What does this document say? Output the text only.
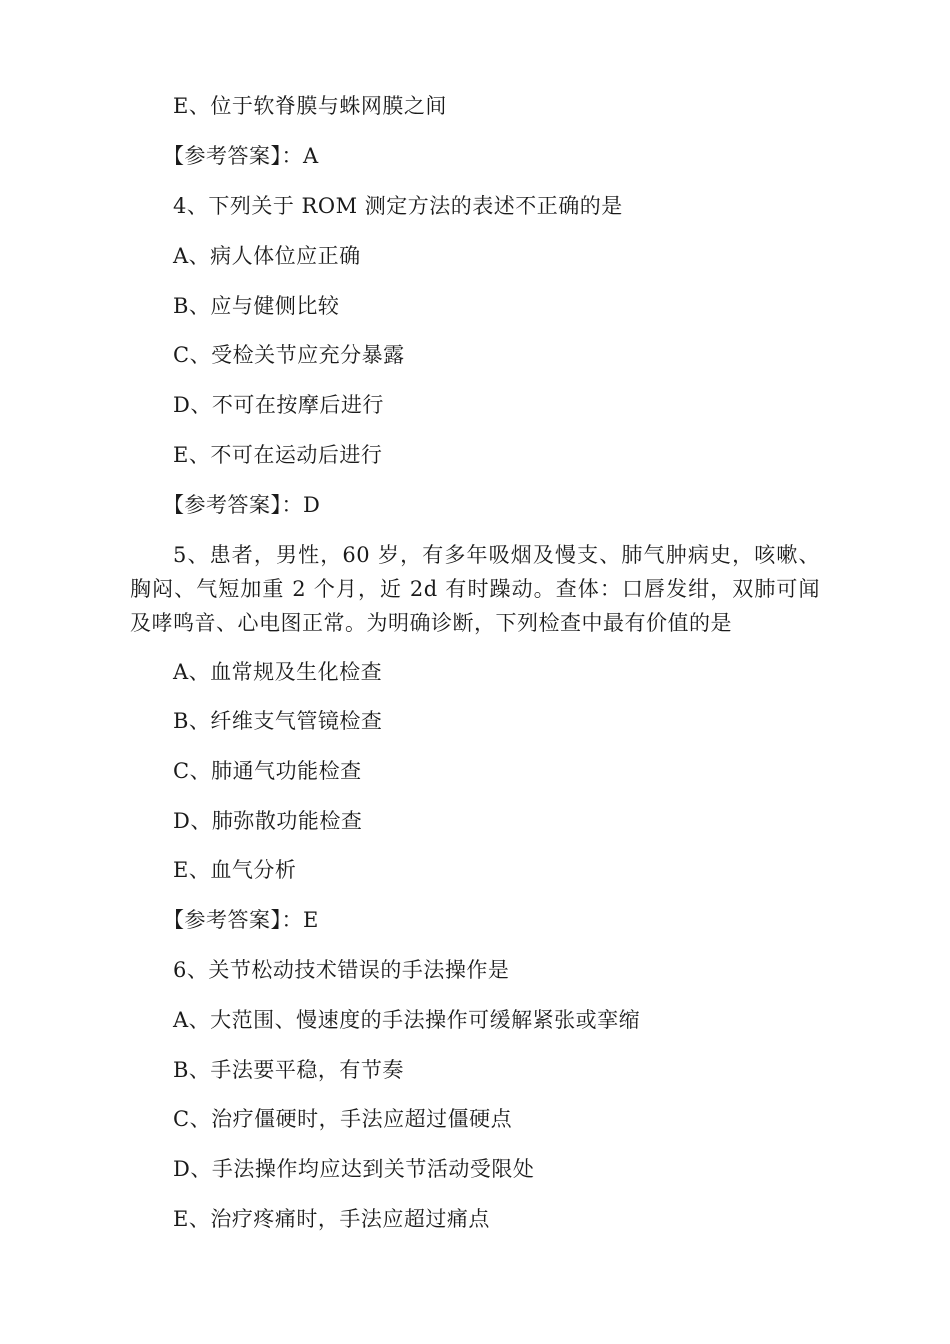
E、位于软脊膜与蛛网膜之间
【参考答案】：A
4、下列关于 ROM 测定方法的表述不正确的是
A、病人体位应正确
B、应与健侧比较
C、受检关节应充分暴露
D、不可在按摩后进行
E、不可在运动后进行
【参考答案】：D
5、患者，男性，60 岁，有多年吸烟及慢支、肺气肿病史，咳嗽、胸闷、气短加重 2 个月，近 2d 有时躁动。查体：口唇发绀，双肺可闻及哮鸣音、心电图正常。为明确诊断，下列检查中最有价值的是
A、血常规及生化检查
B、纤维支气管镜检查
C、肺通气功能检查
D、肺弥散功能检查
E、血气分析
【参考答案】：E
6、关节松动技术错误的手法操作是
A、大范围、慢速度的手法操作可缓解紧张或挛缩
B、手法要平稳，有节奏
C、治疗僵硬时，手法应超过僵硬点
D、手法操作均应达到关节活动受限处
E、治疗疼痛时，手法应超过痛点
